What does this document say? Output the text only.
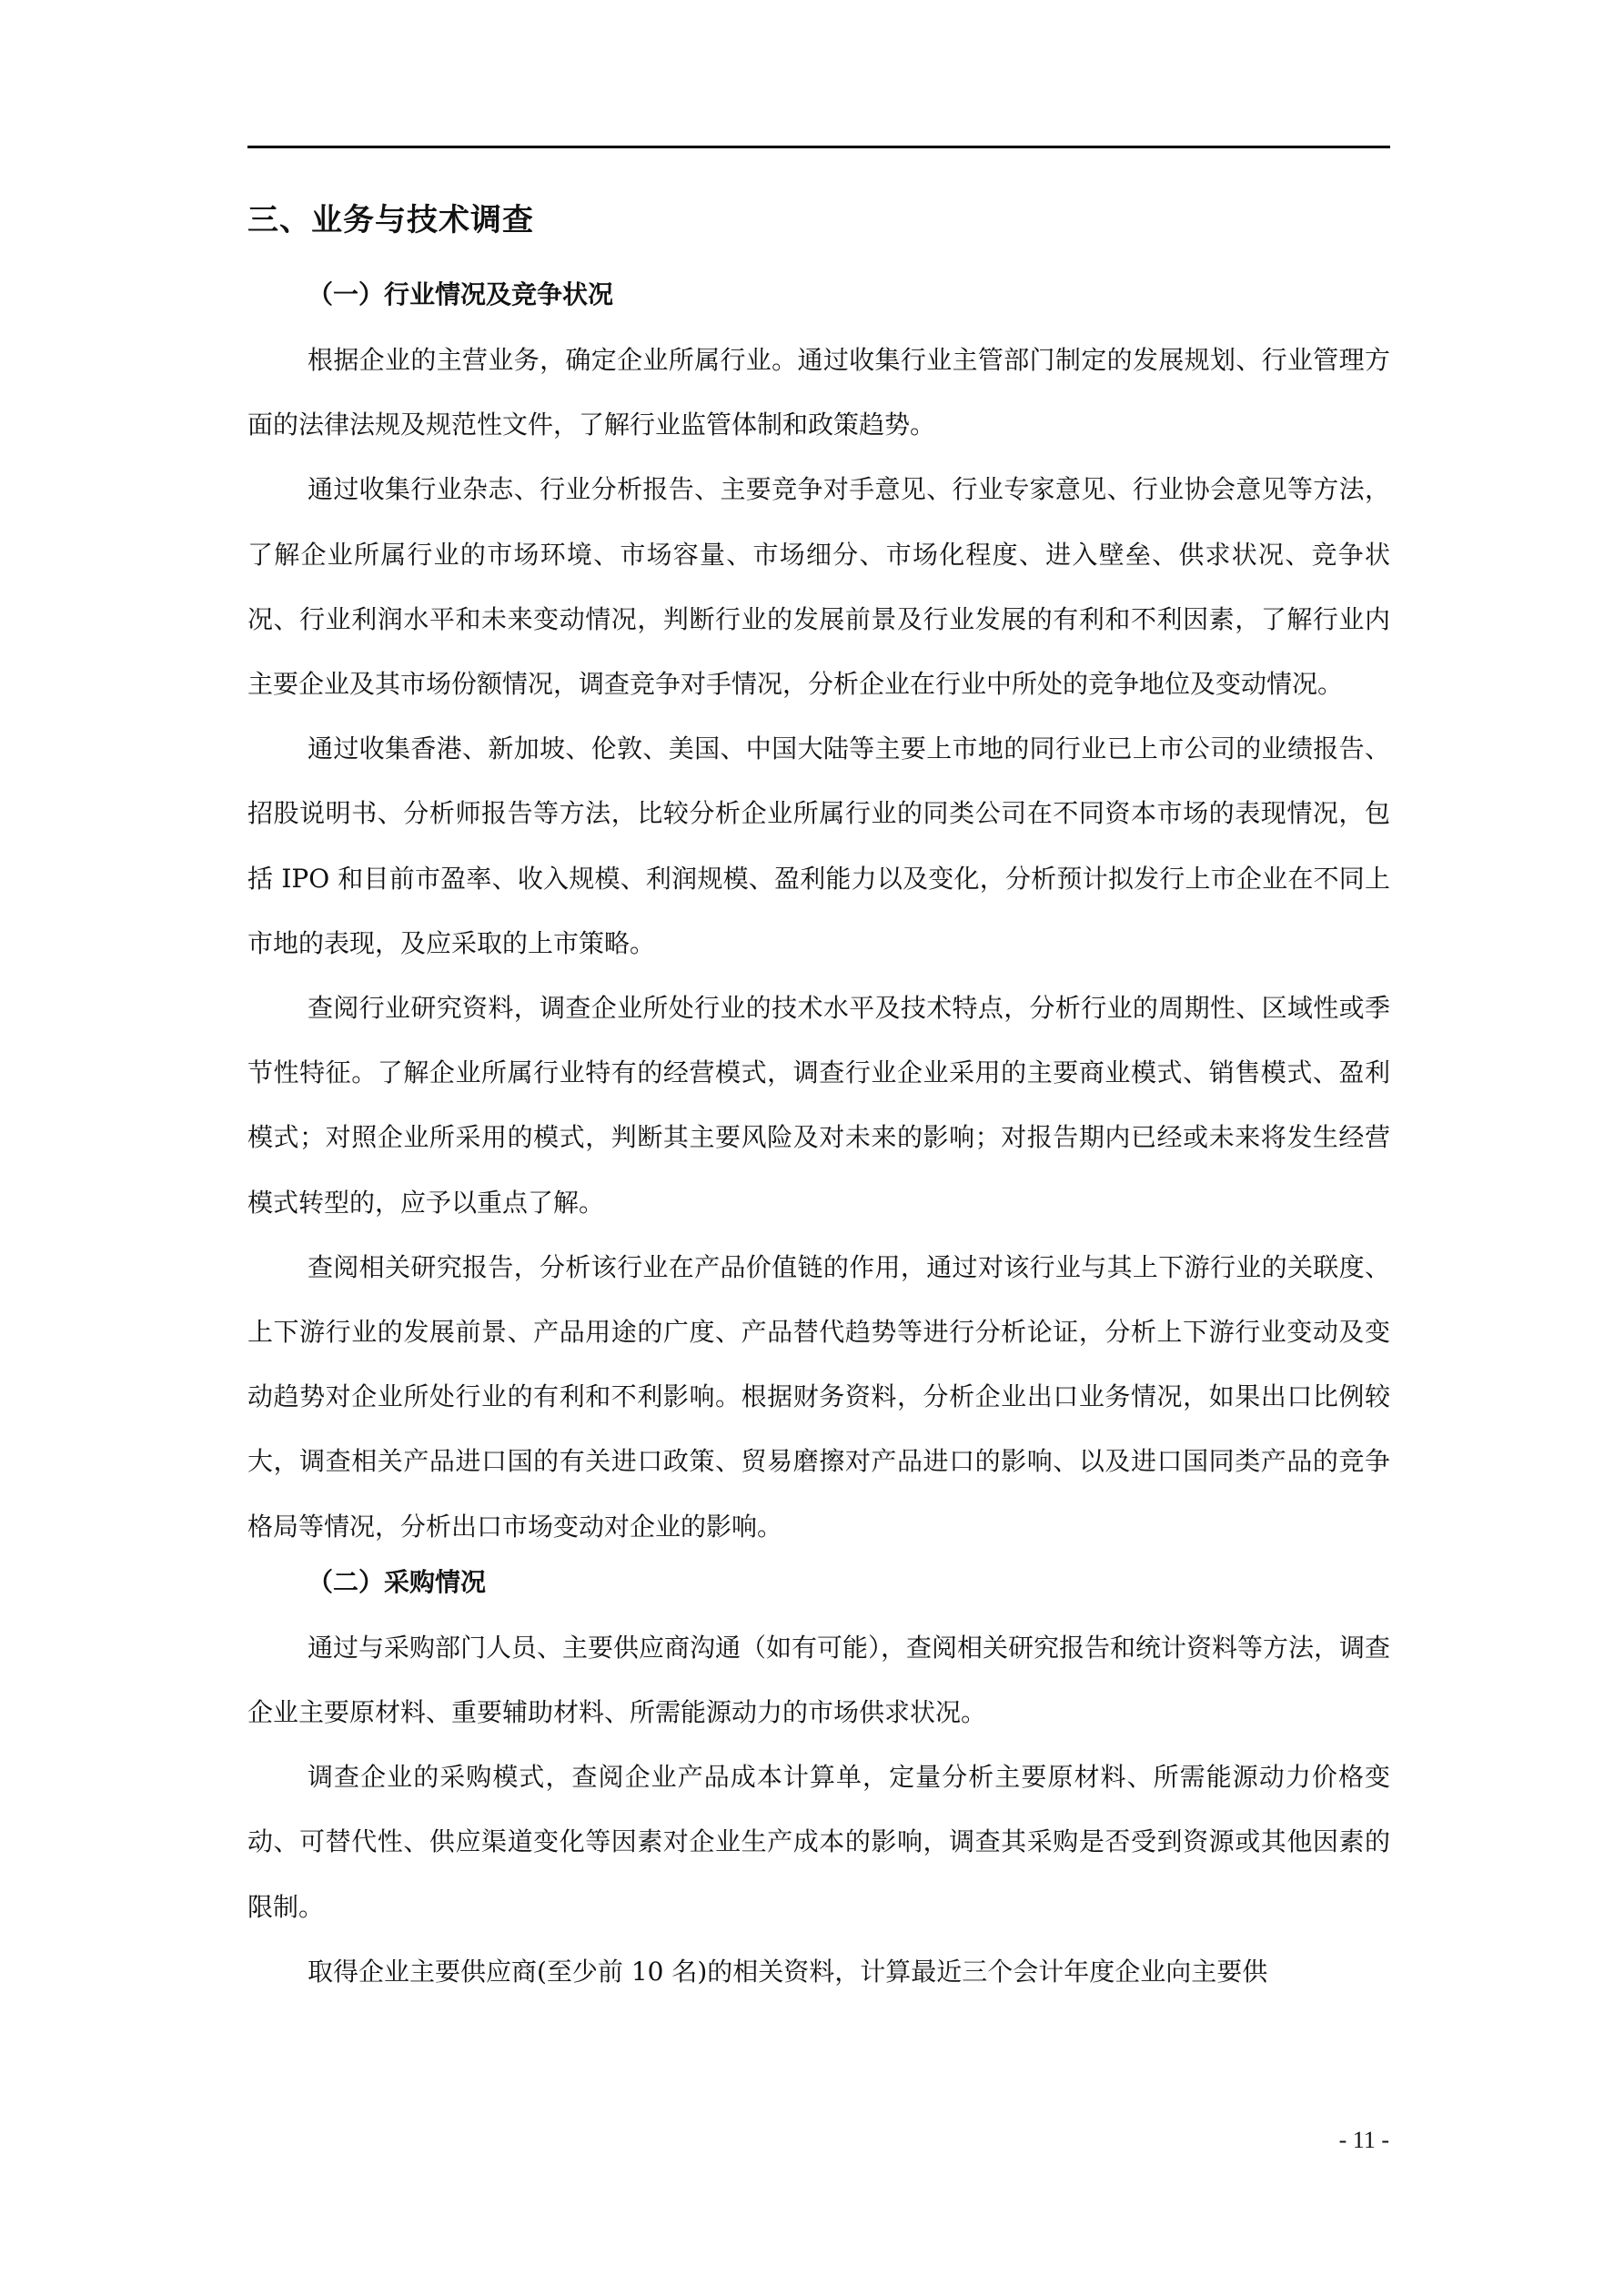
三、业务与技术调查
（一）行业情况及竞争状况

根据企业的主营业务，确定企业所属行业。通过收集行业主管部门制定的发展规划、行业管理方面的法律法规及规范性文件，了解行业监管体制和政策趋势。

通过收集行业杂志、行业分析报告、主要竞争对手意见、行业专家意见、行业协会意见等方法，了解企业所属行业的市场环境、市场容量、市场细分、市场化程度、进入壁垒、供求状况、竞争状况、行业利润水平和未来变动情况，判断行业的发展前景及行业发展的有利和不利因素，了解行业内主要企业及其市场份额情况，调查竞争对手情况，分析企业在行业中所处的竞争地位及变动情况。

通过收集香港、新加坡、伦敦、美国、中国大陆等主要上市地的同行业已上市公司的业绩报告、招股说明书、分析师报告等方法，比较分析企业所属行业的同类公司在不同资本市场的表现情况，包括 IPO 和目前市盈率、收入规模、利润规模、盈利能力以及变化，分析预计拟发行上市企业在不同上市地的表现，及应采取的上市策略。

查阅行业研究资料，调查企业所处行业的技术水平及技术特点，分析行业的周期性、区域性或季节性特征。了解企业所属行业特有的经营模式，调查行业企业采用的主要商业模式、销售模式、盈利模式；对照企业所采用的模式，判断其主要风险及对未来的影响；对报告期内已经或未来将发生经营模式转型的，应予以重点了解。

查阅相关研究报告，分析该行业在产品价值链的作用，通过对该行业与其上下游行业的关联度、上下游行业的发展前景、产品用途的广度、产品替代趋势等进行分析论证，分析上下游行业变动及变动趋势对企业所处行业的有利和不利影响。根据财务资料，分析企业出口业务情况，如果出口比例较大，调查相关产品进口国的有关进口政策、贸易磨擦对产品进口的影响、以及进口国同类产品的竞争格局等情况，分析出口市场变动对企业的影响。

（二）采购情况

通过与采购部门人员、主要供应商沟通（如有可能），查阅相关研究报告和统计资料等方法，调查企业主要原材料、重要辅助材料、所需能源动力的市场供求状况。

调查企业的采购模式，查阅企业产品成本计算单，定量分析主要原材料、所需能源动力价格变动、可替代性、供应渠道变化等因素对企业生产成本的影响，调查其采购是否受到资源或其他因素的限制。

取得企业主要供应商(至少前 10 名)的相关资料，计算最近三个会计年度企业向主要供

- 11 -
